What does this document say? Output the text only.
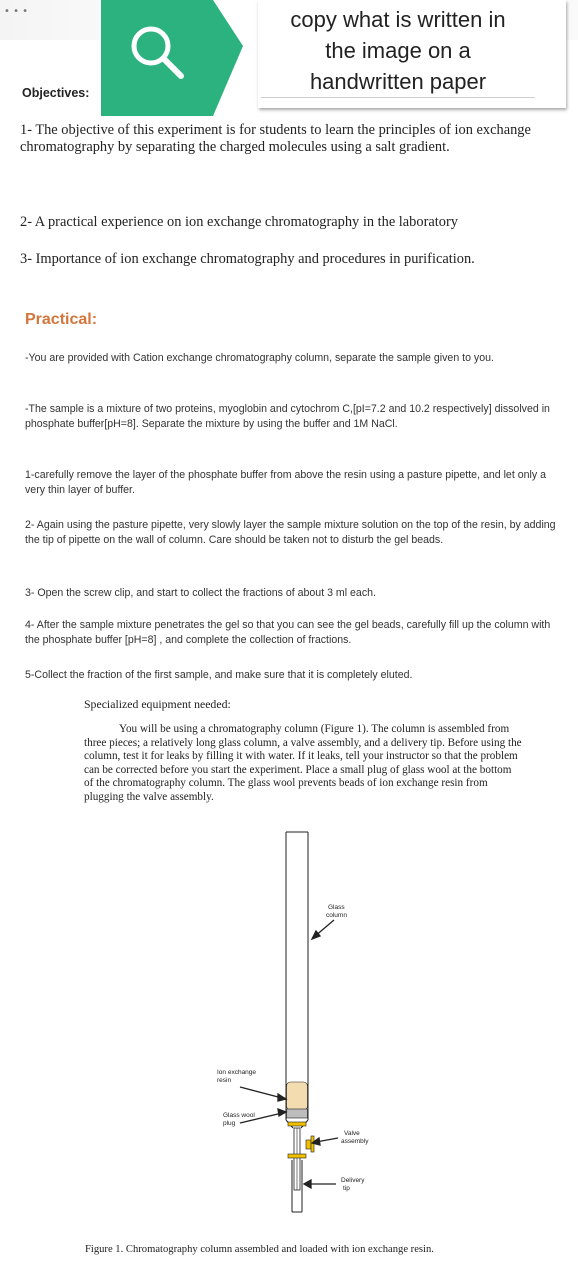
• • •	copy what is written in
the image on a
handwritten paper
Objectives:
1- The objective of this experiment is for students to learn the principles of ion exchange chromatography by separating the charged molecules using a salt gradient.
2- A practical experience on ion exchange chromatography in the laboratory
3- Importance of ion exchange chromatography and procedures in purification.
Practical:
-You are provided with Cation exchange chromatography column, separate the sample given to you.
-The sample is a mixture of two proteins, myoglobin and cytochrom C,[pI=7.2 and 10.2 respectively] dissolved in phosphate buffer[pH=8]. Separate the mixture by using the buffer and 1M NaCl.
1-carefully remove the layer of the phosphate buffer from above the resin using a pasture pipette, and let only a very thin layer of buffer.
2- Again using the pasture pipette, very slowly layer the sample mixture solution on the top of the resin, by adding the tip of pipette on the wall of column. Care should be taken not to disturb the gel beads.
3- Open the screw clip, and start to collect the fractions of about 3 ml each.
4- After the sample mixture penetrates the gel so that you can see the gel beads, carefully fill up the column with the phosphate buffer [pH=8] , and complete the collection of fractions.
5-Collect the fraction of the first sample, and make sure that it is completely eluted.
Specialized equipment needed:
You will be using a chromatography column (Figure 1). The column is assembled from three pieces; a relatively long glass column, a valve assembly, and a delivery tip. Before using the column, test it for leaks by filling it with water. If it leaks, tell your instructor so that the problem can be corrected before you start the experiment. Place a small plug of glass wool at the bottom of the chromatography column. The glass wool prevents beads of ion exchange resin from plugging the valve assembly.
Glass
column
Ion exchange
resin
Glass wool
plug
Valve
assembly
Delivery
tip
Figure 1. Chromatography column assembled and loaded with ion exchange resin.
